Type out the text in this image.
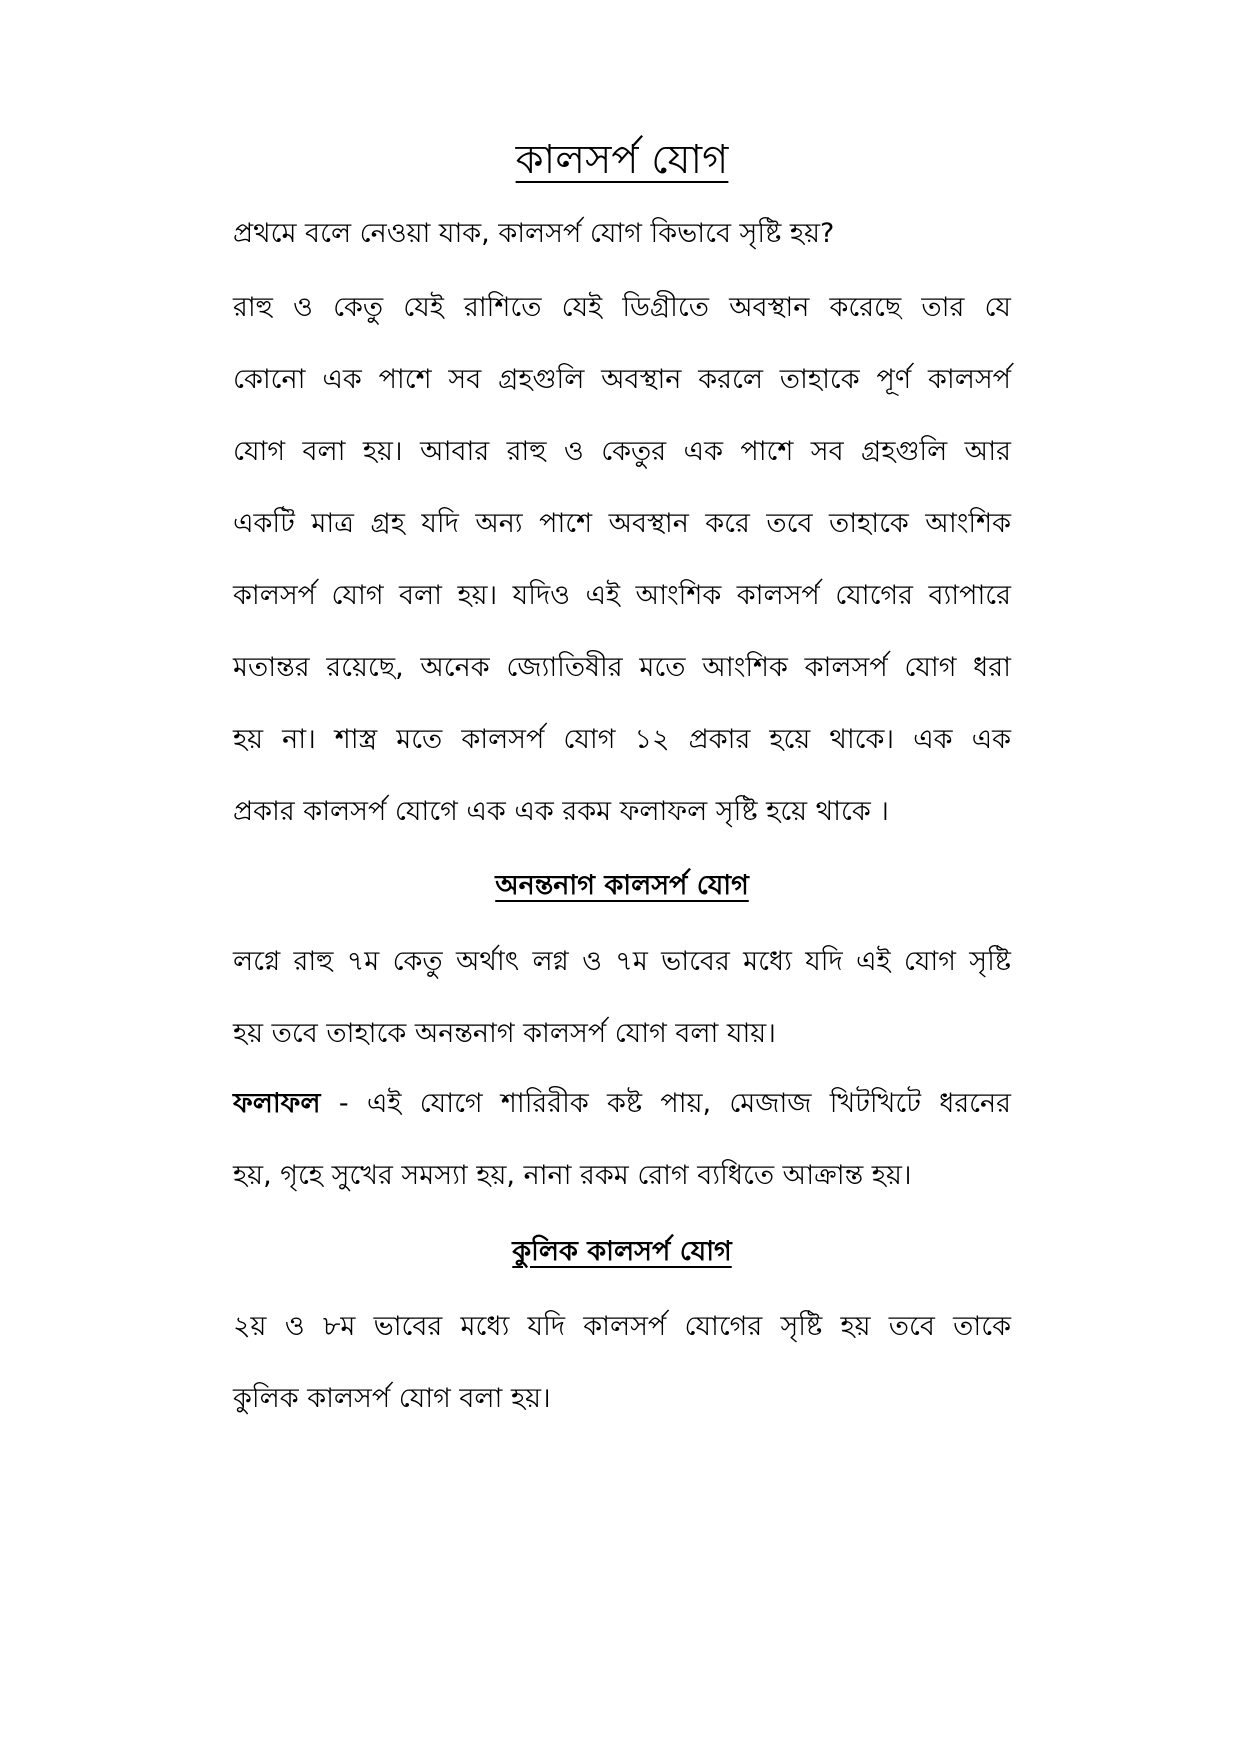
কালসর্প যোগ

প্রথমে বলে নেওয়া যাক, কালসর্প যোগ কিভাবে সৃষ্টি হয়?

রাহু ও কেতু যেই রাশিতে যেই ডিগ্রীতে অবস্থান করেছে তার যে
কোনো এক পাশে সব গ্রহগুলি অবস্থান করলে তাহাকে পূর্ণ কালসর্প
যোগ বলা হয়। আবার রাহু ও কেতুর এক পাশে সব গ্রহগুলি আর
একটি মাত্র গ্রহ যদি অন্য পাশে অবস্থান করে তবে তাহাকে আংশিক
কালসর্প যোগ বলা হয়। যদিও এই আংশিক কালসর্প যোগের ব্যাপারে
মতান্তর রয়েছে, অনেক জ্যোতিষীর মতে আংশিক কালসর্প যোগ ধরা
হয় না। শাস্ত্র মতে কালসর্প যোগ ১২ প্রকার হয়ে থাকে। এক এক
প্রকার কালসর্প যোগে এক এক রকম ফলাফল সৃষ্টি হয়ে থাকে ।

অনন্তনাগ কালসর্প যোগ

লগ্নে রাহু ৭ম কেতু অর্থাৎ লগ্ন ও ৭ম ভাবের মধ্যে যদি এই যোগ সৃষ্টি
হয় তবে তাহাকে অনন্তনাগ কালসর্প যোগ বলা যায়।

ফলাফল - এই যোগে শারিরীক কষ্ট পায়, মেজাজ খিটখিটে ধরনের
হয়, গৃহে সুখের সমস্যা হয়, নানা রকম রোগ ব্যধিতে আক্রান্ত হয়।

কুলিক কালসর্প যোগ

২য় ও ৮ম ভাবের মধ্যে যদি কালসর্প যোগের সৃষ্টি হয় তবে তাকে
কুলিক কালসর্প যোগ বলা হয়।
